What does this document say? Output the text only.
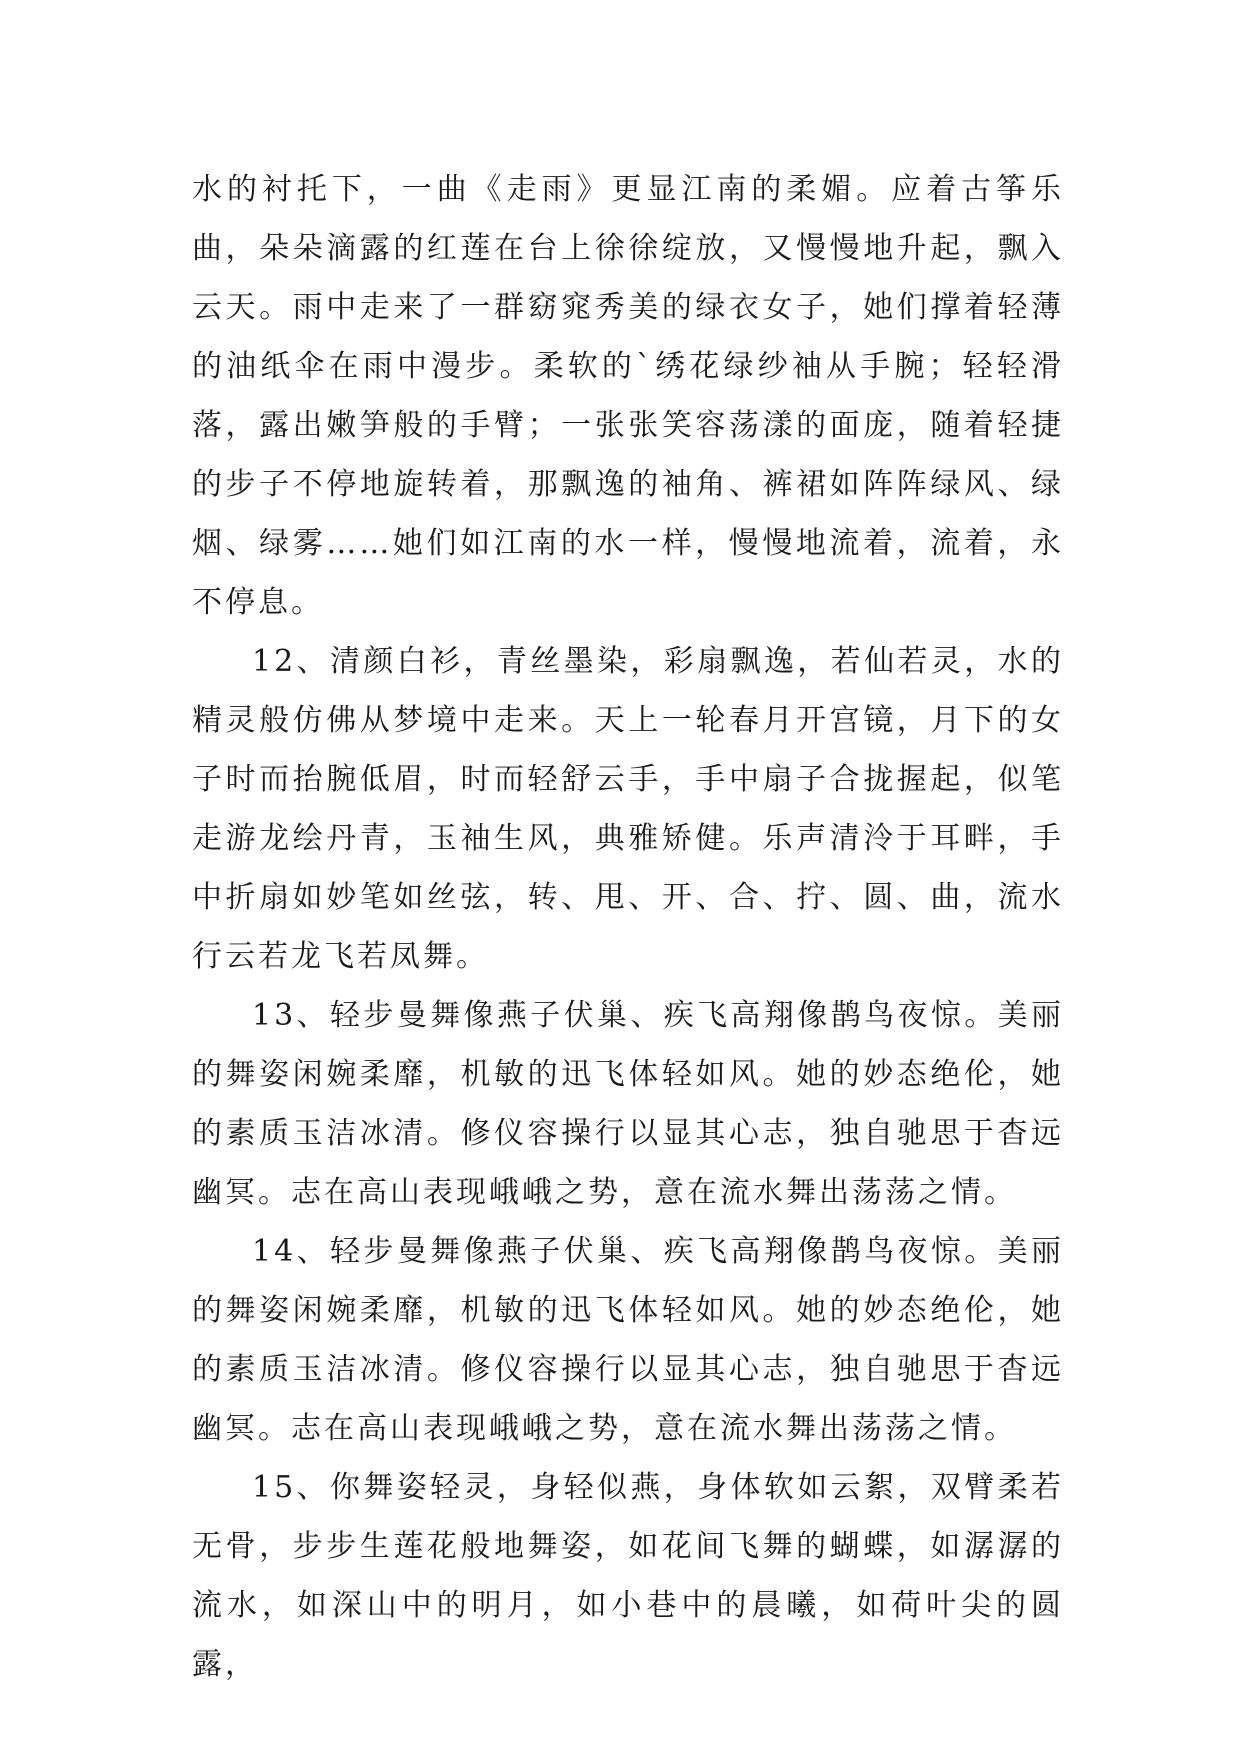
水的衬托下，一曲《走雨》更显江南的柔媚。应着古筝乐曲，朵朵滴露的红莲在台上徐徐绽放，又慢慢地升起，飘入云天。雨中走来了一群窈窕秀美的绿衣女子，她们撑着轻薄的油纸伞在雨中漫步。柔软的`绣花绿纱袖从手腕；轻轻滑落，露出嫩笋般的手臂；一张张笑容荡漾的面庞，随着轻捷的步子不停地旋转着，那飘逸的袖角、裤裙如阵阵绿风、绿烟、绿雾……她们如江南的水一样，慢慢地流着，流着，永不停息。

12、清颜白衫，青丝墨染，彩扇飘逸，若仙若灵，水的精灵般仿佛从梦境中走来。天上一轮春月开宫镜，月下的女子时而抬腕低眉，时而轻舒云手，手中扇子合拢握起，似笔走游龙绘丹青，玉袖生风，典雅矫健。乐声清泠于耳畔，手中折扇如妙笔如丝弦，转、甩、开、合、拧、圆、曲，流水行云若龙飞若凤舞。

13、轻步曼舞像燕子伏巢、疾飞高翔像鹊鸟夜惊。美丽的舞姿闲婉柔靡，机敏的迅飞体轻如风。她的妙态绝伦，她的素质玉洁冰清。修仪容操行以显其心志，独自驰思于杳远幽冥。志在高山表现峨峨之势，意在流水舞出荡荡之情。

14、轻步曼舞像燕子伏巢、疾飞高翔像鹊鸟夜惊。美丽的舞姿闲婉柔靡，机敏的迅飞体轻如风。她的妙态绝伦，她的素质玉洁冰清。修仪容操行以显其心志，独自驰思于杳远幽冥。志在高山表现峨峨之势，意在流水舞出荡荡之情。

15、你舞姿轻灵，身轻似燕，身体软如云絮，双臂柔若无骨，步步生莲花般地舞姿，如花间飞舞的蝴蝶，如潺潺的流水，如深山中的明月，如小巷中的晨曦，如荷叶尖的圆露，
